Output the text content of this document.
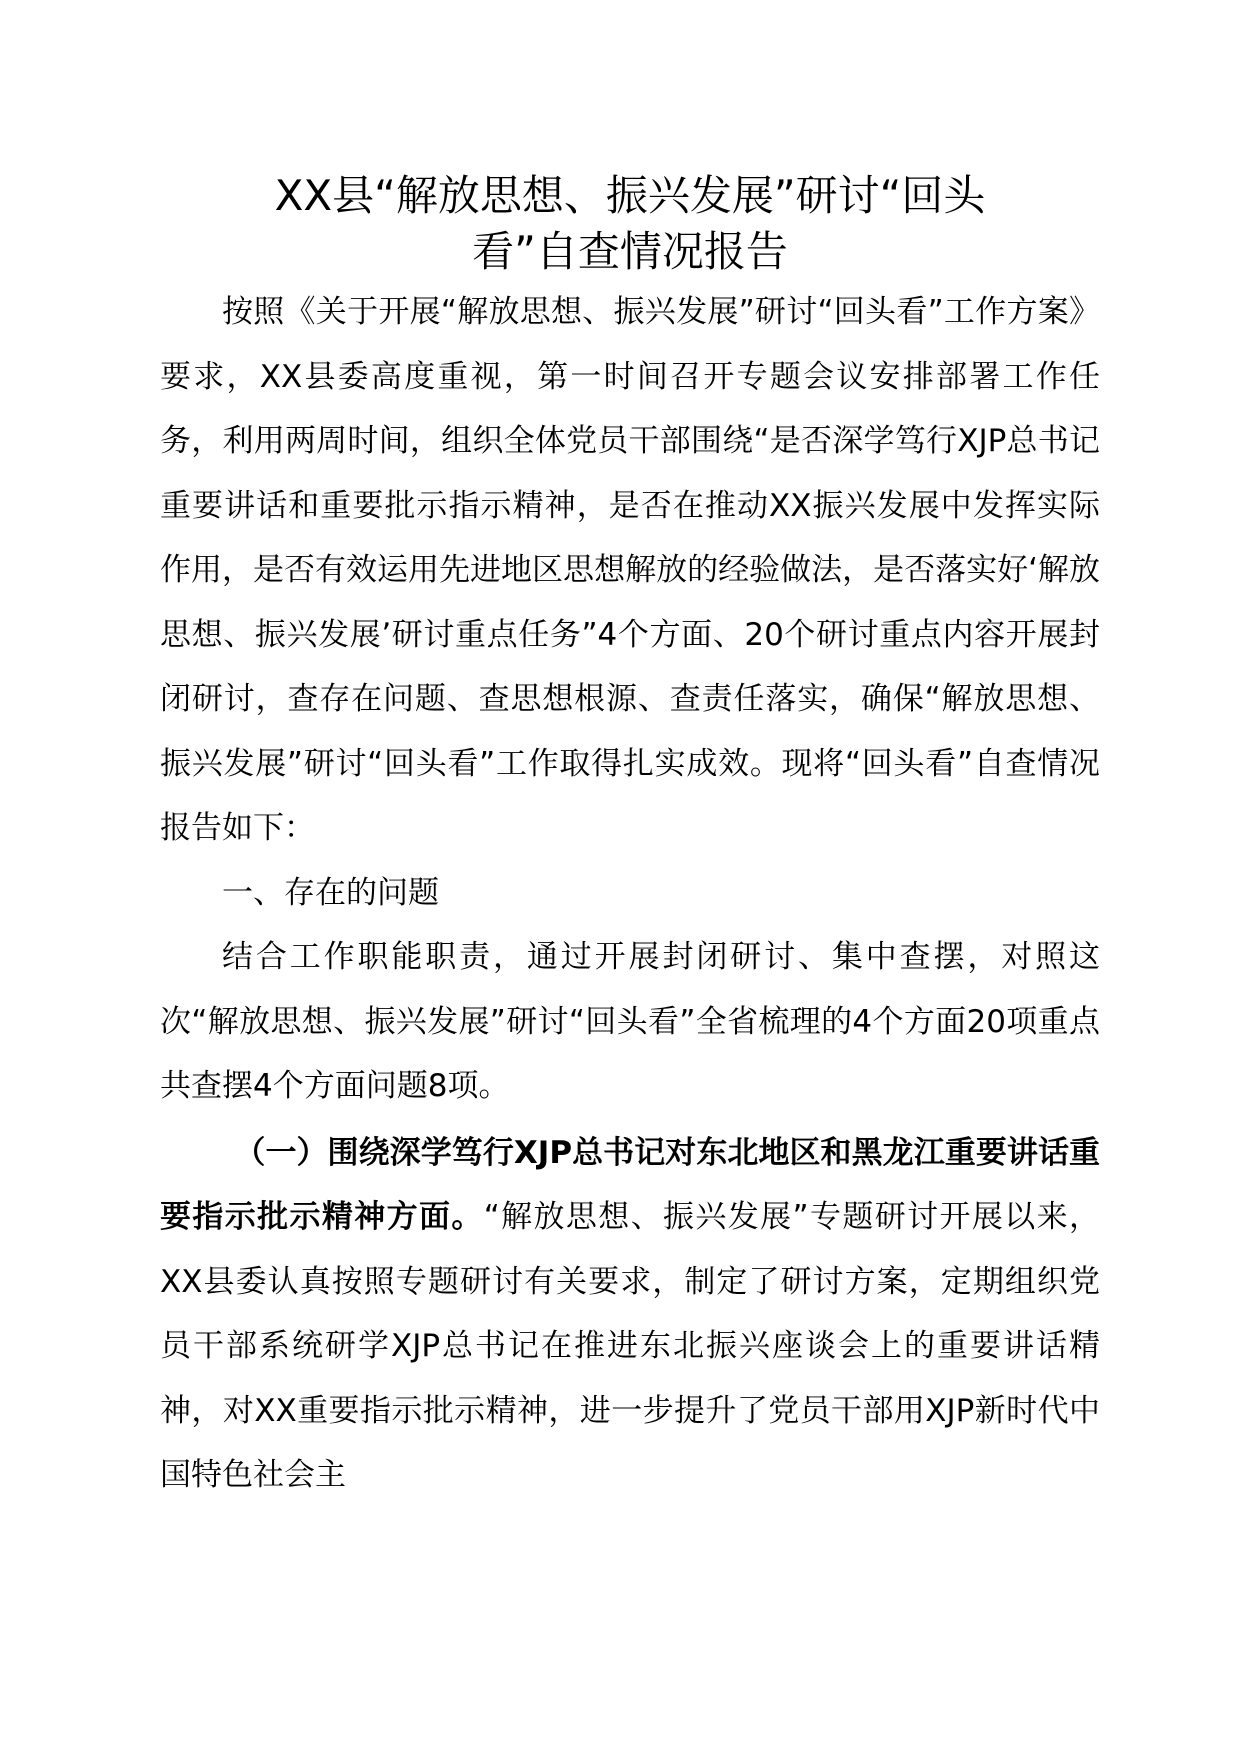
XX县“解放思想、振兴发展”研讨“回头
看”自查情况报告

按照《关于开展“解放思想、振兴发展”研讨“回头看”工作方案》要求，XX县委高度重视，第一时间召开专题会议安排部署工作任务，利用两周时间，组织全体党员干部围绕“是否深学笃行XJP总书记重要讲话和重要批示指示精神，是否在推动XX振兴发展中发挥实际作用，是否有效运用先进地区思想解放的经验做法，是否落实好‘解放思想、振兴发展’研讨重点任务”4个方面、20个研讨重点内容开展封闭研讨，查存在问题、查思想根源、查责任落实，确保“解放思想、振兴发展”研讨“回头看”工作取得扎实成效。现将“回头看”自查情况报告如下：

一、存在的问题

结合工作职能职责，通过开展封闭研讨、集中查摆，对照这次“解放思想、振兴发展”研讨“回头看”全省梳理的4个方面20项重点共查摆4个方面问题8项。

（一）围绕深学笃行XJP总书记对东北地区和黑龙江重要讲话重要指示批示精神方面。“解放思想、振兴发展”专题研讨开展以来，XX县委认真按照专题研讨有关要求，制定了研讨方案，定期组织党员干部系统研学XJP总书记在推进东北振兴座谈会上的重要讲话精神，对XX重要指示批示精神，进一步提升了党员干部用XJP新时代中国特色社会主
